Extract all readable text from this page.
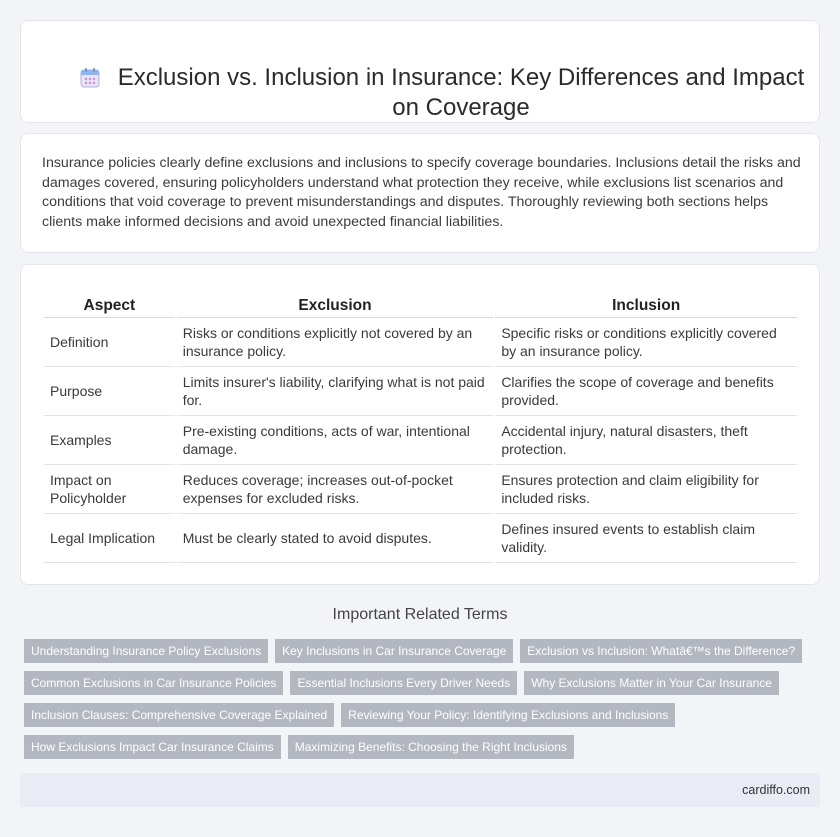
Exclusion vs. Inclusion in Insurance: Key Differences and Impact on Coverage

Insurance policies clearly define exclusions and inclusions to specify coverage boundaries. Inclusions detail the risks and damages covered, ensuring policyholders understand what protection they receive, while exclusions list scenarios and conditions that void coverage to prevent misunderstandings and disputes. Thoroughly reviewing both sections helps clients make informed decisions and avoid unexpected financial liabilities.

Aspect	Exclusion	Inclusion
Definition	Risks or conditions explicitly not covered by an insurance policy.	Specific risks or conditions explicitly covered by an insurance policy.
Purpose	Limits insurer's liability, clarifying what is not paid for.	Clarifies the scope of coverage and benefits provided.
Examples	Pre-existing conditions, acts of war, intentional damage.	Accidental injury, natural disasters, theft protection.
Impact on Policyholder	Reduces coverage; increases out-of-pocket expenses for excluded risks.	Ensures protection and claim eligibility for included risks.
Legal Implication	Must be clearly stated to avoid disputes.	Defines insured events to establish claim validity.
Important Related Terms
Understanding Insurance Policy Exclusions	Key Inclusions in Car Insurance Coverage	Exclusion vs Inclusion: Whatâ€™s the Difference?
Common Exclusions in Car Insurance Policies	Essential Inclusions Every Driver Needs	Why Exclusions Matter in Your Car Insurance
Inclusion Clauses: Comprehensive Coverage Explained	Reviewing Your Policy: Identifying Exclusions and Inclusions
How Exclusions Impact Car Insurance Claims	Maximizing Benefits: Choosing the Right Inclusions
cardiffo.com
